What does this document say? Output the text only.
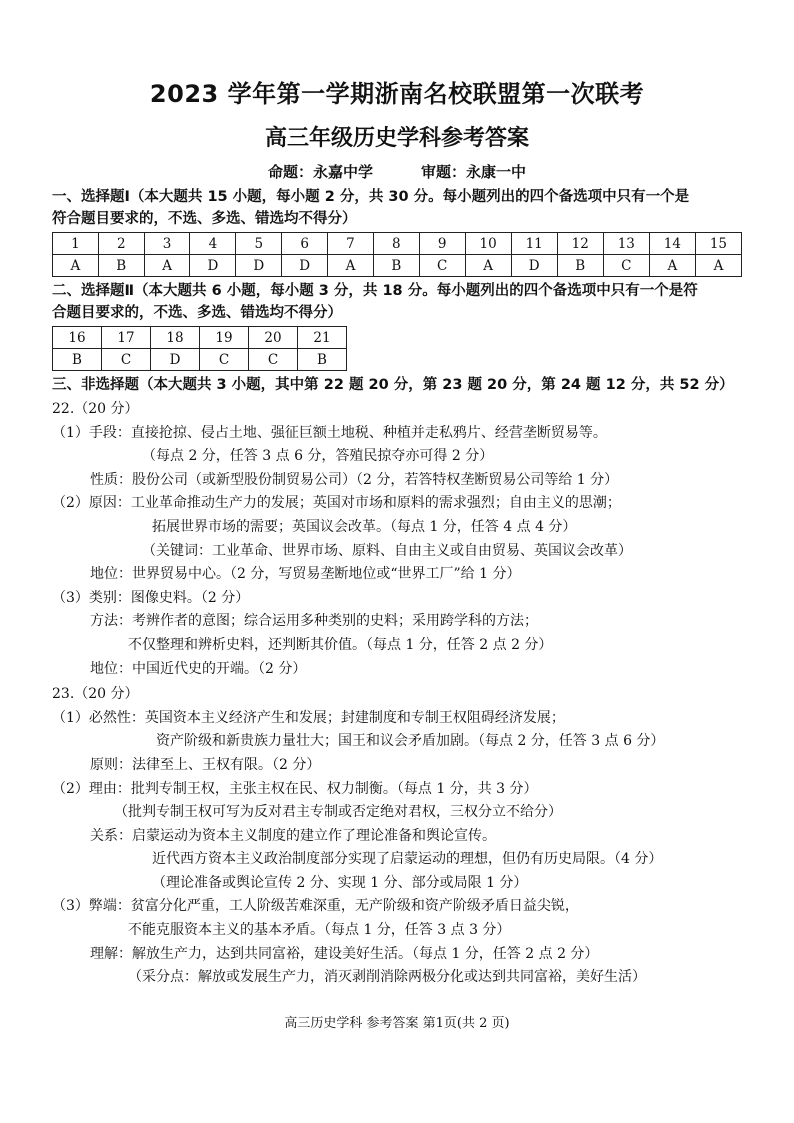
2023 学年第一学期浙南名校联盟第一次联考
高三年级历史学科参考答案
命题：永嘉中学	审题：永康一中

一、选择题Ⅰ（本大题共 15 小题，每小题 2 分，共 30 分。每小题列出的四个备选项中只有一个是

符合题目要求的，不选、多选、错选均不得分）

1	2	3	4	5	6	7	8	9	10	11	12	13	14	15
A	B	A	D	D	D	A	B	C	A	D	B	C	A	A

二、选择题Ⅱ（本大题共 6 小题，每小题 3 分，共 18 分。每小题列出的四个备选项中只有一个是符

合题目要求的，不选、多选、错选均不得分）

16	17	18	19	20	21
B	C	D	C	C	B

三、非选择题（本大题共 3 小题，其中第 22 题 20 分，第 23 题 20 分，第 24 题 12 分，共 52 分）

22.（20 分）

（1）手段：直接抢掠、侵占土地、强征巨额土地税、种植并走私鸦片、经营垄断贸易等。

（每点 2 分，任答 3 点 6 分，答殖民掠夺亦可得 2 分）

性质：股份公司（或新型股份制贸易公司）（2 分，若答特权垄断贸易公司等给 1 分）

（2）原因：工业革命推动生产力的发展；英国对市场和原料的需求强烈；自由主义的思潮；

拓展世界市场的需要；英国议会改革。（每点 1 分，任答 4 点 4 分）

（关键词：工业革命、世界市场、原料、自由主义或自由贸易、英国议会改革）

地位：世界贸易中心。（2 分，写贸易垄断地位或“世界工厂”给 1 分）

（3）类别：图像史料。（2 分）

方法：考辨作者的意图；综合运用多种类别的史料；采用跨学科的方法；

不仅整理和辨析史料，还判断其价值。（每点 1 分，任答 2 点 2 分）

地位：中国近代史的开端。（2 分）

23.（20 分）

（1）必然性：英国资本主义经济产生和发展；封建制度和专制王权阻碍经济发展；

资产阶级和新贵族力量壮大；国王和议会矛盾加剧。（每点 2 分，任答 3 点 6 分）

原则：法律至上、王权有限。（2 分）

（2）理由：批判专制王权，主张主权在民、权力制衡。（每点 1 分，共 3 分）

（批判专制王权可写为反对君主专制或否定绝对君权，三权分立不给分）

关系：启蒙运动为资本主义制度的建立作了理论准备和舆论宣传。

近代西方资本主义政治制度部分实现了启蒙运动的理想，但仍有历史局限。（4 分）

（理论准备或舆论宣传 2 分、实现 1 分、部分或局限 1 分）

（3）弊端：贫富分化严重，工人阶级苦难深重，无产阶级和资产阶级矛盾日益尖锐，

不能克服资本主义的基本矛盾。（每点 1 分，任答 3 点 3 分）

理解：解放生产力，达到共同富裕，建设美好生活。（每点 1 分，任答 2 点 2 分）

（采分点：解放或发展生产力，消灭剥削消除两极分化或达到共同富裕，美好生活）

高三历史学科 参考答案 第1页(共 2 页)
